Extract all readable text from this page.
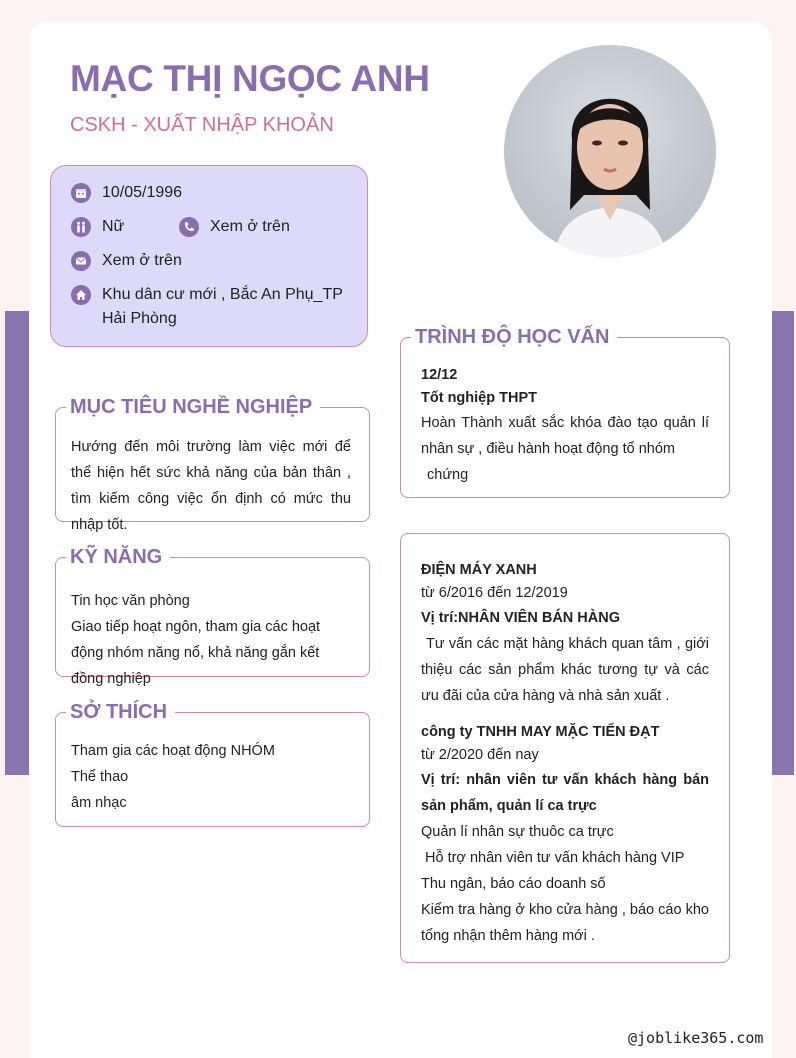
MẠC THỊ NGỌC ANH
CSKH - XUẤT NHẬP KHOẢN
10/05/1996
Nữ	Xem ở trên
Xem ở trên
Khu dân cư mới , Bắc An Phụ_TP
Hải Phòng
MỤC TIÊU NGHỀ NGHIỆP

Hướng đến môi trường làm việc mới để thể hiện hết sức khả năng của bản thân , tìm kiếm công việc ổn định có mức thu nhập tốt.

KỸ NĂNG

Tin học văn phòng

Giao tiếp hoạt ngôn, tham gia các hoạt động nhóm năng nổ, khả năng gắn kết đồng nghiệp

SỞ THÍCH

Tham gia các hoạt động NHÓM

Thể thao

âm nhạc

TRÌNH ĐỘ HỌC VẤN

12/12

Tốt nghiệp THPT

Hoàn Thành xuất sắc khóa đào tạo quản lí nhân sự , điều hành hoạt động tổ nhóm

chứng

ĐIỆN MÁY XANH

từ 6/2016 đến 12/2019

Vị trí:NHÂN VIÊN BÁN HÀNG

Tư vấn các mặt hàng khách quan tâm , giới thiệu các sản phẩm khác tương tự và các ưu đãi của cửa hàng và nhà sản xuất .

công ty TNHH MAY MẶC TIẾN ĐẠT

từ 2/2020 đến nay

Vị trí: nhân viên tư vấn khách hàng bán sản phẩm, quản lí ca trực

Quản lí nhân sự thuôc ca trực

Hỗ trợ nhân viên tư vấn khách hàng VIP

Thu ngân, báo cáo doanh số

Kiểm tra hàng ở kho cửa hàng , báo cáo kho tổng nhận thêm hàng mới .

@joblike365.com
